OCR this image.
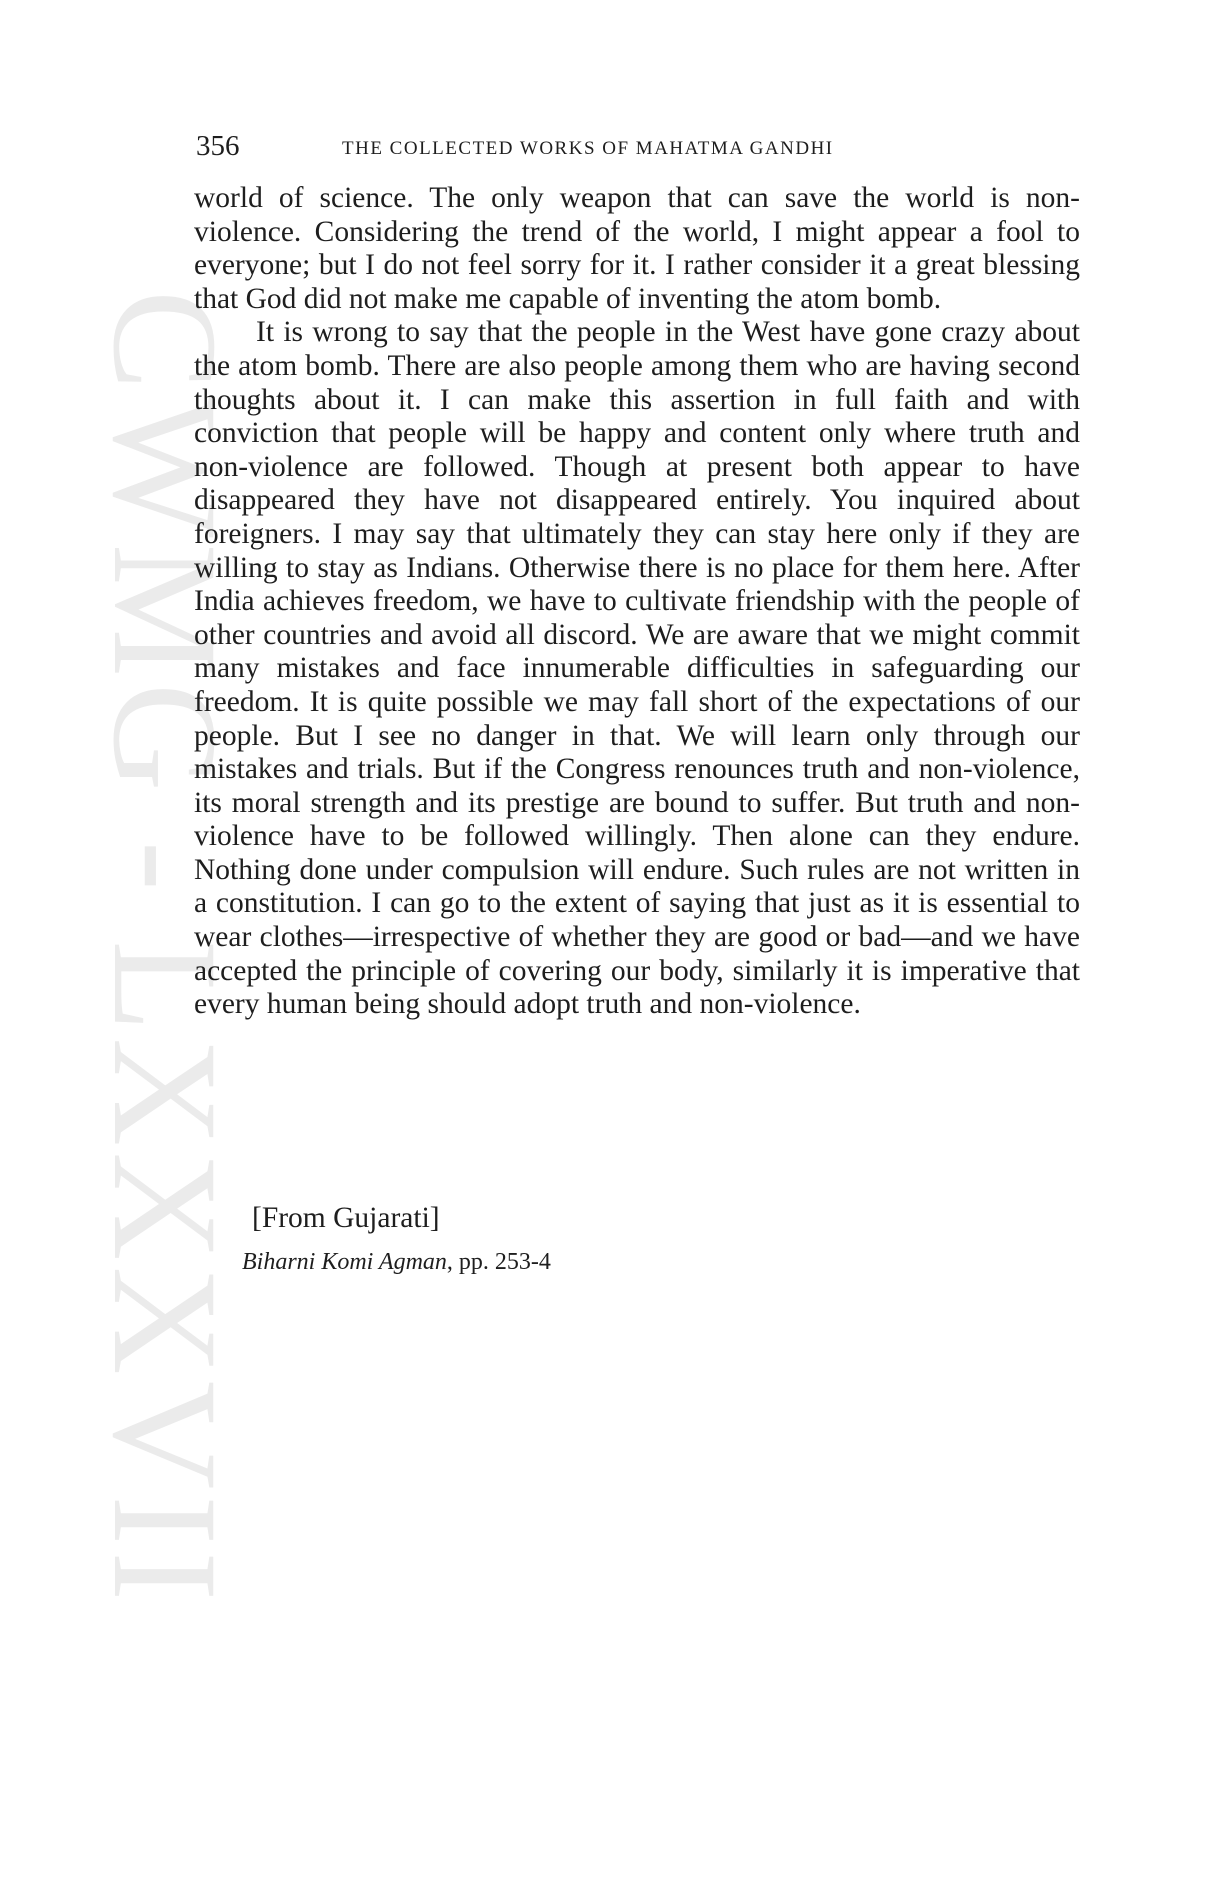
CWMG - LXXXVII
356	THE COLLECTED WORKS OF MAHATMA GANDHI

world of science. The only weapon that can save the world is non-violence. Considering the trend of the world, I might appear a fool to everyone; but I do not feel sorry for it. I rather consider it a great blessing that God did not make me capable of inventing the atom bomb.

It is wrong to say that the people in the West have gone crazy about the atom bomb. There are also people among them who are having second thoughts about it. I can make this assertion in full faith and with conviction that people will be happy and content only where truth and non-violence are followed. Though at present both appear to have disappeared they have not disappeared entirely. You inquired about foreigners. I may say that ultimately they can stay here only if they are willing to stay as Indians. Otherwise there is no place for them here. After India achieves freedom, we have to cultivate friendship with the people of other countries and avoid all discord. We are aware that we might commit many mistakes and face innumerable difficulties in safeguarding our freedom. It is quite possible we may fall short of the expectations of our people. But I see no danger in that. We will learn only through our mistakes and trials. But if the Congress renounces truth and non-violence, its moral strength and its prestige are bound to suffer. But truth and non-violence have to be followed willingly. Then alone can they endure. Nothing done under compulsion will endure. Such rules are not written in a constitution. I can go to the extent of saying that just as it is essential to wear clothes—irrespective of whether they are good or bad—and we have accepted the principle of covering our body, similarly it is imperative that every human being should adopt truth and non-violence.

[From Gujarati]
Biharni Komi Agman, pp. 253-4
